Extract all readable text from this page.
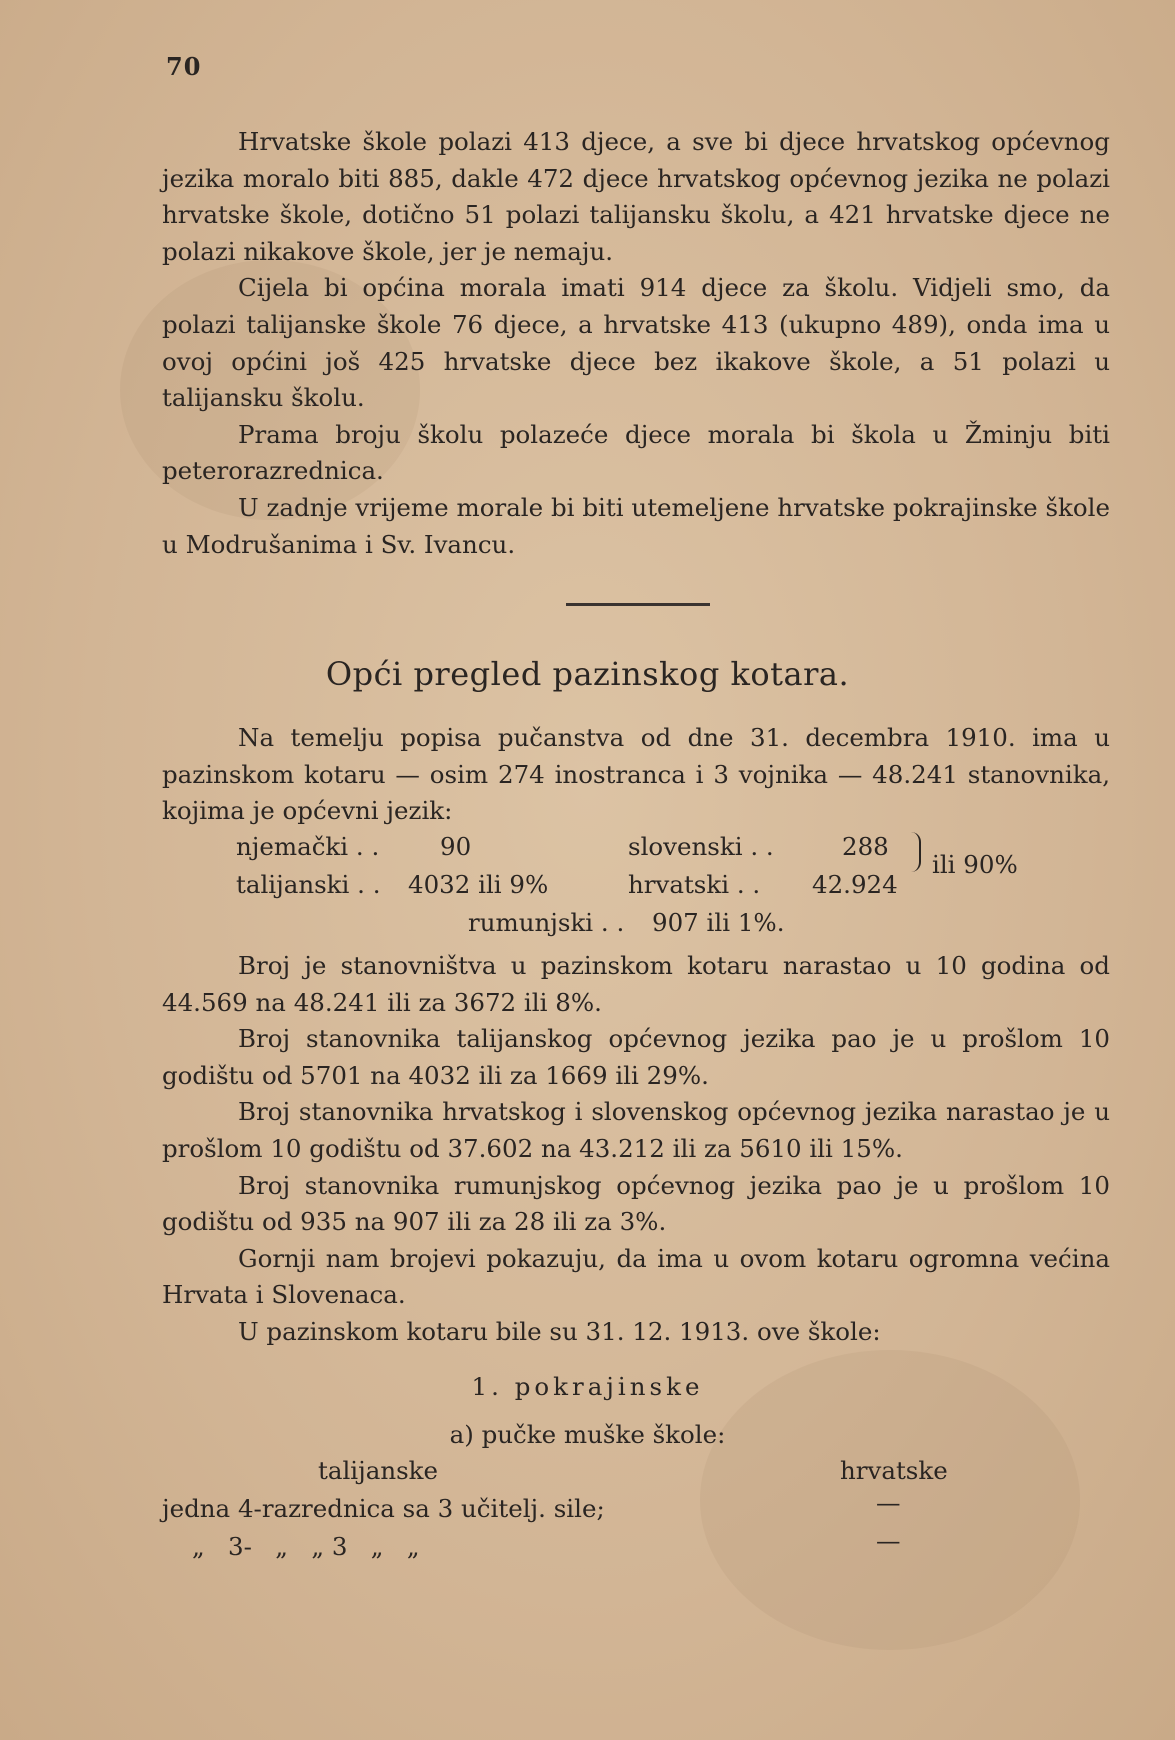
70

Hrvatske škole polazi 413 djece, a sve bi djece hrvatskog općevnog jezika moralo biti 885, dakle 472 djece hrvatskog općevnog jezika ne polazi hrvatske škole, dotično 51 polazi talijansku školu, a 421 hrvatske djece ne polazi nikakove škole, jer je nemaju.

Cijela bi općina morala imati 914 djece za školu. Vidjeli smo, da polazi talijanske škole 76 djece, a hrvatske 413 (ukupno 489), onda ima u ovoj općini još 425 hrvatske djece bez ikakove škole, a 51 polazi u talijansku školu.

Prama broju školu polazeće djece morala bi škola u Žminju biti peterorazrednica.

U zadnje vrijeme morale bi biti utemeljene hrvatske pokrajinske škole u Modrušanima i Sv. Ivancu.

Opći pregled pazinskog kotara.

Na temelju popisa pučanstva od dne 31. decembra 1910. ima u pazinskom kotaru — osim 274 inostranca i 3 vojnika — 48.241 stanovnika, kojima je općevni jezik:

njemački . . 90	slovenski . .	288
talijanski . . 4032 ili 9%	hrvatski . . 42.924
ili 90%
rumunjski . . 907 ili 1%.

Broj je stanovništva u pazinskom kotaru narastao u 10 godina od 44.569 na 48.241 ili za 3672 ili 8%.

Broj stanovnika talijanskog općevnog jezika pao je u prošlom 10 godištu od 5701 na 4032 ili za 1669 ili 29%.

Broj stanovnika hrvatskog i slovenskog općevnog jezika narastao je u prošlom 10 godištu od 37.602 na 43.212 ili za 5610 ili 15%.

Broj stanovnika rumunjskog općevnog jezika pao je u prošlom 10 godištu od 935 na 907 ili za 28 ili za 3%.

Gornji nam brojevi pokazuju, da ima u ovom kotaru ogromna većina Hrvata i Slovenaca.

U pazinskom kotaru bile su 31. 12. 1913. ove škole:

1. pokrajinske
a) pučke muške škole:
talijanske	hrvatske
jedna 4-razrednica sa 3 učitelj. sile;	—
„   3-   „   „ 3   „   „	—
